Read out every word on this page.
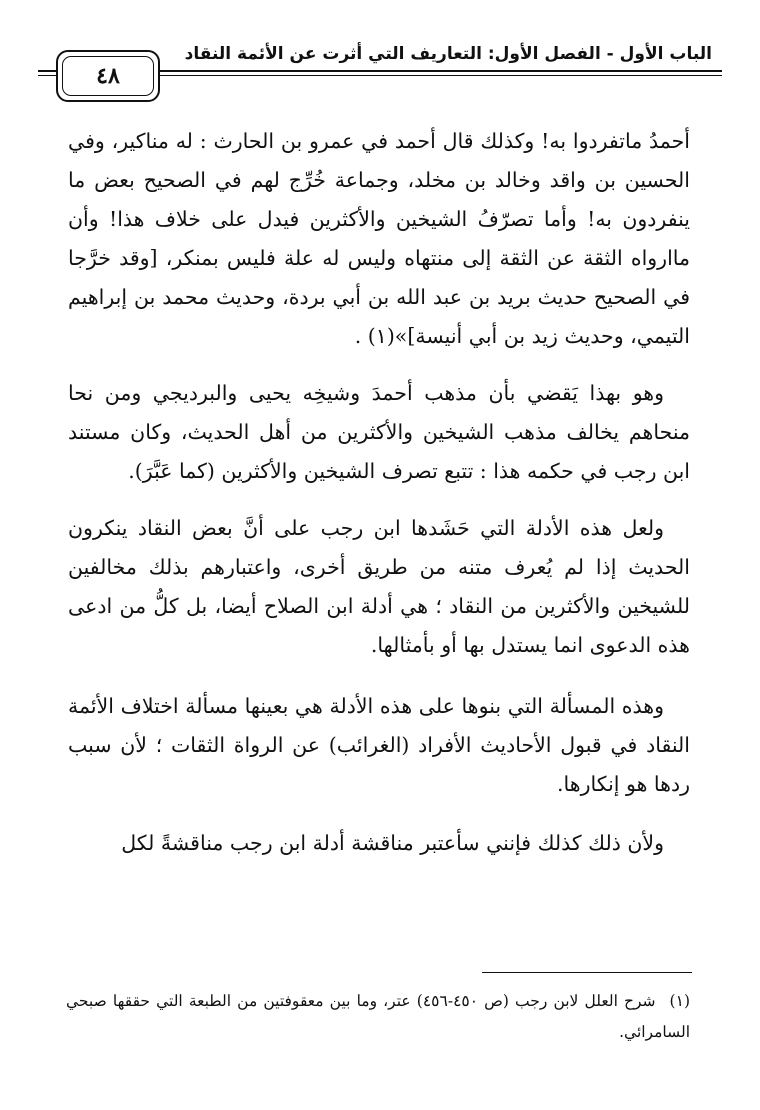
الباب الأول - الفصل الأول: التعاريف التي أثرت عن الأئمة النقاد
٤٨

أحمدُ ماتفردوا به! وكذلك قال أحمد في عمرو بن الحارث : له مناكير، وفي الحسين بن واقد وخالد بن مخلد، وجماعة خُرِّج لهم في الصحيح بعض ما ينفردون به! وأما تصرّفُ الشيخين والأكثرين فيدل على خلاف هذا! وأن ماارواه الثقة عن الثقة إلى منتهاه وليس له علة فليس بمنكر، [وقد خرَّجا في الصحيح حديث بريد بن عبد الله بن أبي بردة، وحديث محمد بن إبراهيم التيمي، وحديث زيد بن أبي أنيسة]»(١) .

وهو بهذا يَقضي بأن مذهب أحمدَ وشيخِه يحيى والبرديجي ومن نحا منحاهم يخالف مذهب الشيخين والأكثرين من أهل الحديث، وكان مستند ابن رجب في حكمه هذا : تتبع تصرف الشيخين والأكثرين (كما عَبَّرَ).

ولعل هذه الأدلة التي حَشَدها ابن رجب على أنَّ بعض النقاد ينكرون الحديث إذا لم يُعرف متنه من طريق أخرى، واعتبارهم بذلك مخالفين للشيخين والأكثرين من النقاد ؛ هي أدلة ابن الصلاح أيضا، بل كلُّ من ادعى هذه الدعوى انما يستدل بها أو بأمثالها.

وهذه المسألة التي بنوها على هذه الأدلة هي بعينها مسألة اختلاف الأئمة النقاد في قبول الأحاديث الأفراد (الغرائب) عن الرواة الثقات ؛ لأن سبب ردها هو إنكارها.

ولأن ذلك كذلك فإنني سأعتبر مناقشة أدلة ابن رجب مناقشةً لكل

(١)شرح العلل لابن رجب (ص ٤٥٠-٤٥٦) عتر، وما بين معقوفتين من الطبعة التي حققها صبحي السامرائي.
